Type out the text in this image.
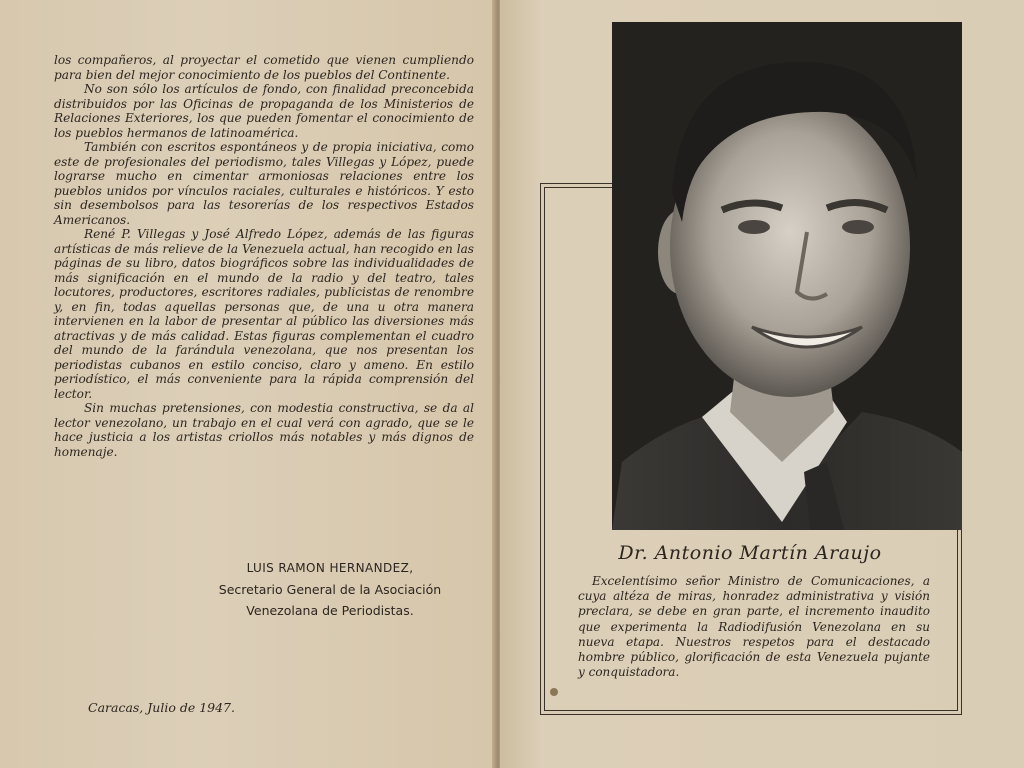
los compañeros, al proyectar el cometido que vienen cumpliendo para bien del mejor conocimiento de los pueblos del Continente.

No son sólo los artículos de fondo, con finalidad preconcebida distribuidos por las Oficinas de propaganda de los Ministerios de Relaciones Exteriores, los que pueden fomentar el conocimiento de los pueblos hermanos de latinoamérica.

También con escritos espontáneos y de propia iniciativa, como este de profesionales del periodismo, tales Villegas y López, puede lograrse mucho en cimentar armoniosas relaciones entre los pueblos unidos por vínculos raciales, culturales e históricos. Y esto sin desembolsos para las tesorerías de los respectivos Estados Americanos.

René P. Villegas y José Alfredo López, además de las figuras artísticas de más relieve de la Venezuela actual, han recogido en las páginas de su libro, datos biográficos sobre las individualidades de más significación en el mundo de la radio y del teatro, tales locutores, productores, escritores radiales, publicistas de renombre y, en fin, todas aquellas personas que, de una u otra manera intervienen en la labor de presentar al público las diversiones más atractivas y de más calidad. Estas figuras complementan el cuadro del mundo de la farándula venezolana, que nos presentan los periodistas cubanos en estilo conciso, claro y ameno. En estilo periodístico, el más conveniente para la rápida comprensión del lector.

Sin muchas pretensiones, con modestia constructiva, se da al lector venezolano, un trabajo en el cual verá con agrado, que se le hace justicia a los artistas criollos más notables y más dignos de homenaje.

LUIS RAMON HERNANDEZ,
Secretario General de la Asociación
Venezolana de Periodistas.
Caracas, Julio de 1947.
Dr. Antonio Martín Araujo
Excelentísimo señor Ministro de Comunicaciones, a cuya altéza de miras, honradez administrativa y visión preclara, se debe en gran parte, el incremento inaudito que experimenta la Radiodifusión Venezolana en su nueva etapa. Nuestros respetos para el destacado hombre público, glorificación de esta Venezuela pujante y conquistadora.
